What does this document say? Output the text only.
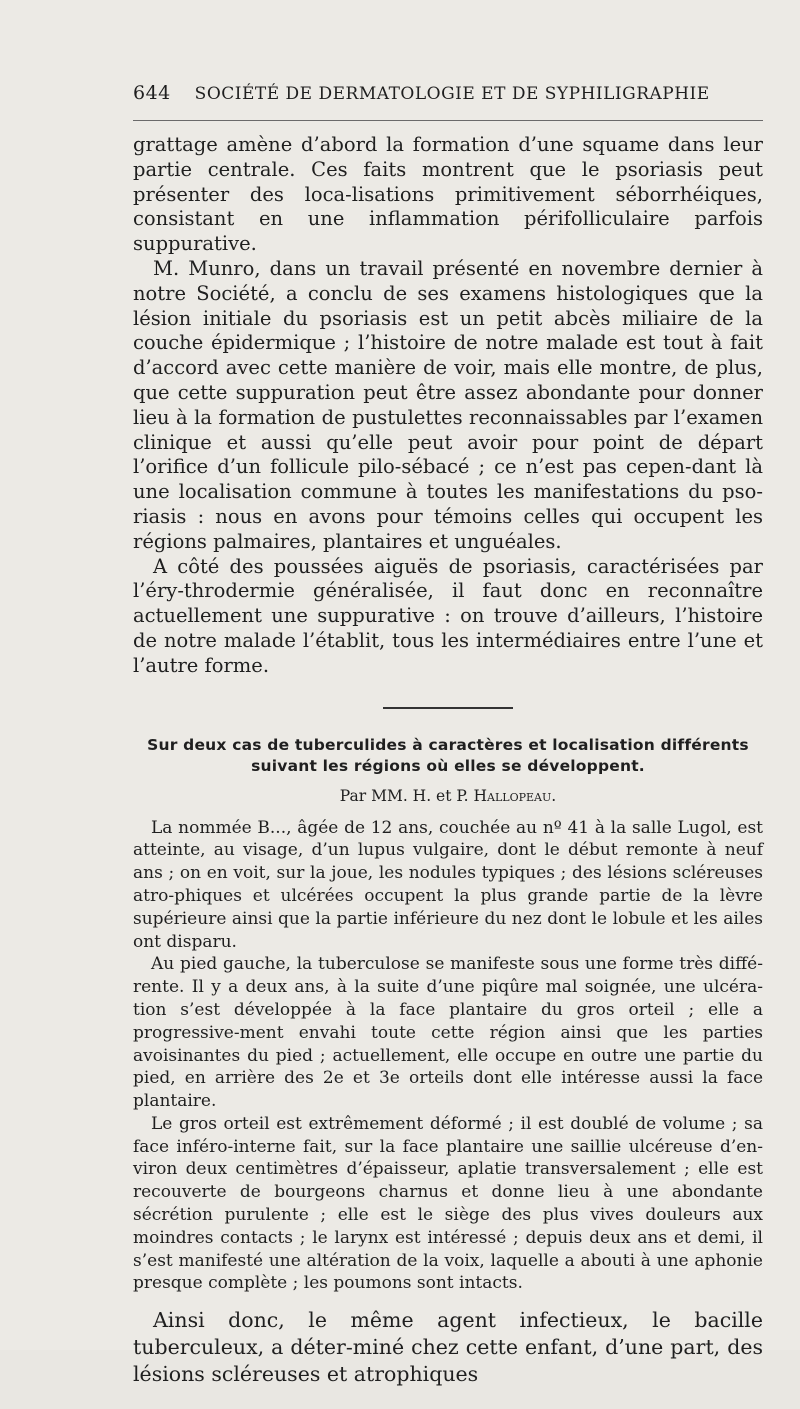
644 SOCIÉTÉ DE DERMATOLOGIE ET DE SYPHILIGRAPHIE

grattage amène d’abord la formation d’une squame dans leur partie centrale. Ces faits montrent que le psoriasis peut présenter des loca-lisations primitivement séborrhéiques, consistant en une inflammation périfolliculaire parfois suppurative.

M. Munro, dans un travail présenté en novembre dernier à notre Société, a conclu de ses examens histologiques que la lésion initiale du psoriasis est un petit abcès miliaire de la couche épidermique ; l’histoire de notre malade est tout à fait d’accord avec cette manière de voir, mais elle montre, de plus, que cette suppuration peut être assez abondante pour donner lieu à la formation de pustulettes reconnaissables par l’examen clinique et aussi qu’elle peut avoir pour point de départ l’orifice d’un follicule pilo-sébacé ; ce n’est pas cepen-dant là une localisation commune à toutes les manifestations du pso-riasis : nous en avons pour témoins celles qui occupent les régions palmaires, plantaires et unguéales.

A côté des poussées aiguës de psoriasis, caractérisées par l’éry-throdermie généralisée, il faut donc en reconnaître actuellement une suppurative : on trouve d’ailleurs, l’histoire de notre malade l’établit, tous les intermédiaires entre l’une et l’autre forme.

Sur deux cas de tuberculides à caractères et localisation différents
suivant les régions où elles se développent.
Par MM. H. et P. Hallopeau.

La nommée B..., âgée de 12 ans, couchée au nº 41 à la salle Lugol, est atteinte, au visage, d’un lupus vulgaire, dont le début remonte à neuf ans ; on en voit, sur la joue, les nodules typiques ; des lésions scléreuses atro-phiques et ulcérées occupent la plus grande partie de la lèvre supérieure ainsi que la partie inférieure du nez dont le lobule et les ailes ont disparu.

Au pied gauche, la tuberculose se manifeste sous une forme très diffé-rente. Il y a deux ans, à la suite d’une piqûre mal soignée, une ulcéra-tion s’est développée à la face plantaire du gros orteil ; elle a progressive-ment envahi toute cette région ainsi que les parties avoisinantes du pied ; actuellement, elle occupe en outre une partie du pied, en arrière des 2e et 3e orteils dont elle intéresse aussi la face plantaire.

Le gros orteil est extrêmement déformé ; il est doublé de volume ; sa face inféro-interne fait, sur la face plantaire une saillie ulcéreuse d’en-viron deux centimètres d’épaisseur, aplatie transversalement ; elle est recouverte de bourgeons charnus et donne lieu à une abondante sécrétion purulente ; elle est le siège des plus vives douleurs aux moindres contacts ; le larynx est intéressé ; depuis deux ans et demi, il s’est manifesté une altération de la voix, laquelle a abouti à une aphonie presque complète ; les poumons sont intacts.

Ainsi donc, le même agent infectieux, le bacille tuberculeux, a déter-miné chez cette enfant, d’une part, des lésions scléreuses et atrophiques
